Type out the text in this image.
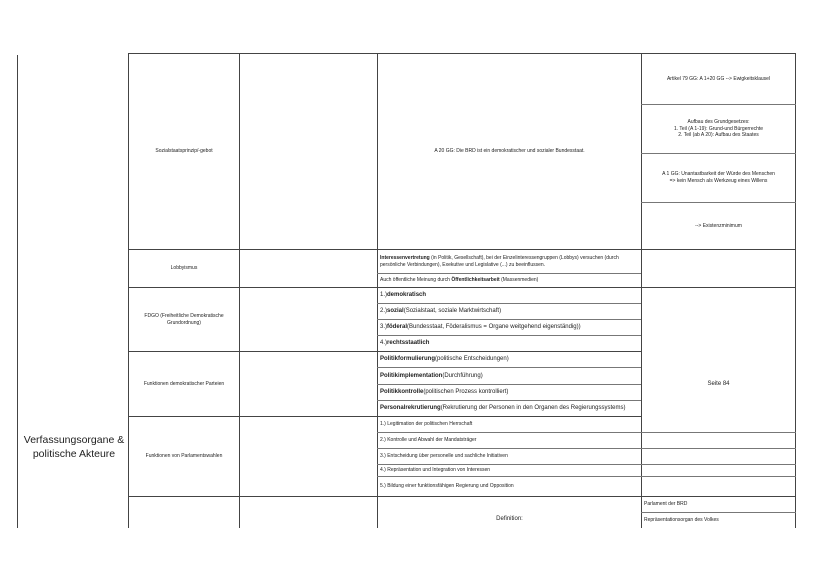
Verfassungsorgane & politische Akteure
Sozialstaatsprinzip/-gebot	A 20 GG: Die BRD ist ein demokratischer und sozialer Bundesstaat.
Artikel 79 GG: A 1+20 GG --> Ewigkeitsklausel
Aufbau des Grundgesetzes:
1. Teil (A 1-19): Grund-und Bürgerrechte
2. Teil (ab A 20): Aufbau des Staates
A 1 GG: Unantastbarkeit der Würde des Menschen
=> kein Mensch als Werkzeug eines Willens
--> Existenzminimum
Lobbyismus
Interessenvertretung (in Politik, Gesellschaft), bei der Einzelinteressengruppen (Lobbys) versuchen (durch
persönliche Verbindungen), Exekutive und Legislative (...) zu beeinflussen.
Auch öffentliche Meinung durch Öffentlichkeitsarbeit (Massenmedien)
FDGO (Freiheitliche Demokratische
Grundordnung)
1.) demokratisch
2.) sozial (Sozialstaat, soziale Marktwirtschaft)
3.) föderal (Bundesstaat, Föderalismus = Organe weitgehend eigenständig))
4.) rechtsstaatlich
Funktionen demokratischer Parteien
Politikformulierung (politische Entscheidungen)
Politikimplementation (Durchführung)
Politikkontrolle (politischen Prozess kontrolliert)
Personalrekrutierung (Rekrutierung der Personen in den Organen des Regierungssystems)
Seite 84
Funktionen von Parlamentswahlen
1.) Legitimation der politischen Herrschaft
2.) Kontrolle und Abwahl der Mandatsträger
3.) Entscheidung über personelle und sachliche Initiativen
4.) Repräsentation und Integration von Interessen
5.) Bildung einer funktionsfähigen Regierung und Opposition
Definition:
Parlament der BRD
Repräsentationsorgan des Volkes
